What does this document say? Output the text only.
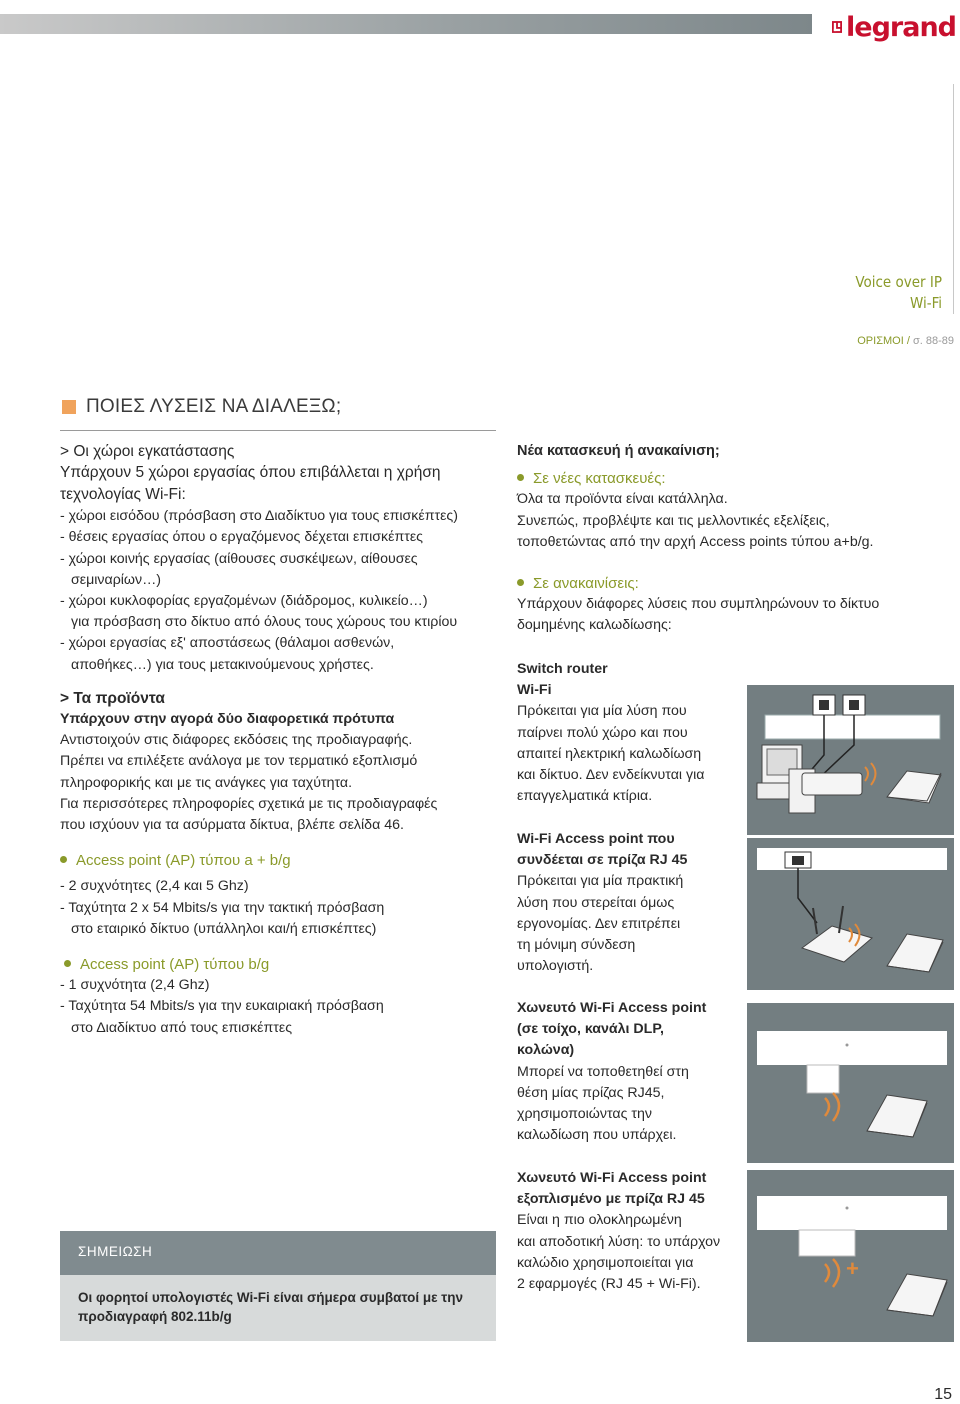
legrand
Voice over IP
Wi-Fi
ΟΡΙΣΜΟΙ / σ. 88-89
ΠΟΙΕΣ ΛΥΣΕΙΣ ΝΑ ΔΙΑΛΕΞΩ;
> Οι χώροι εγκατάστασης
Υπάρχουν 5 χώροι εργασίας όπου επιβάλλεται η χρήση
τεχνολογίας Wi-Fi:
- χώροι εισόδου (πρόσβαση στο Διαδίκτυο για τους επισκέπτες)
- θέσεις εργασίας όπου ο εργαζόμενος δέχεται επισκέπτες
- χώροι κοινής εργασίας (αίθουσες συσκέψεων, αίθουσες
σεμιναρίων…)
- χώροι κυκλοφορίας εργαζομένων (διάδρομος, κυλικείο…)
για πρόσβαση στο δίκτυο από όλους τους χώρους του κτιρίου
- χώροι εργασίας εξ' αποστάσεως (θάλαμοι ασθενών,
αποθήκες…) για τους μετακινούμενους χρήστες.
> Τα προϊόντα
Υπάρχουν στην αγορά δύο διαφορετικά πρότυπα
Αντιστοιχούν στις διάφορες εκδόσεις της προδιαγραφής.
Πρέπει να επιλέξετε ανάλογα με τον τερματικό εξοπλισμό
πληροφορικής και με τις ανάγκες για ταχύτητα.
Για περισσότερες πληροφορίες σχετικά με τις προδιαγραφές
που ισχύουν για τα ασύρματα δίκτυα, βλέπε σελίδα 46.
Access point (AP) τύπου a + b/g
- 2 συχνότητες (2,4 και 5 Ghz)
- Ταχύτητα 2 x 54 Mbits/s για την τακτική πρόσβαση
στο εταιρικό δίκτυο (υπάλληλοι και/ή επισκέπτες)
Access point (AP) τύπου b/g
- 1 συχνότητα (2,4 Ghz)
- Ταχύτητα 54 Mbits/s για την ευκαιριακή πρόσβαση
στο Διαδίκτυο από τους επισκέπτες
ΣΗΜΕΙΩΣΗ
Οι φορητοί υπολογιστές Wi-Fi είναι σήμερα συμβατοί με την
προδιαγραφή 802.11b/g
Νέα κατασκευή ή ανακαίνιση;
Σε νέες κατασκευές:
Όλα τα προϊόντα είναι κατάλληλα.
Συνεπώς, προβλέψτε και τις μελλοντικές εξελίξεις,
τοποθετώντας από την αρχή Access points τύπου a+b/g.
Σε ανακαινίσεις:
Υπάρχουν διάφορες λύσεις που συμπληρώνουν το δίκτυο
δομημένης καλωδίωσης:
Switch router
Wi-Fi
Πρόκειται για μία λύση που
παίρνει πολύ χώρο και που
απαιτεί ηλεκτρική καλωδίωση
και δίκτυο. Δεν ενδείκνυται για
επαγγελματικά κτίρια.
Wi-Fi Access point που
συνδέεται σε πρίζα RJ 45
Πρόκειται για μία πρακτική
λύση που στερείται όμως
εργονομίας. Δεν επιτρέπει
τη μόνιμη σύνδεση
υπολογιστή.
Χωνευτό Wi-Fi Access point
(σε τοίχο, κανάλι DLP,
κολώνα)
Μπορεί να τοποθετηθεί στη
θέση μίας πρίζας RJ45,
χρησιμοποιώντας την
καλωδίωση που υπάρχει.
Χωνευτό Wi-Fi Access point
εξοπλισμένο με πρίζα RJ 45
Είναι η πιο ολοκληρωμένη
και αποδοτική λύση: το υπάρχον
καλώδιο χρησιμοποιείται για
2 εφαρμογές (RJ 45 + Wi-Fi).
+
15
